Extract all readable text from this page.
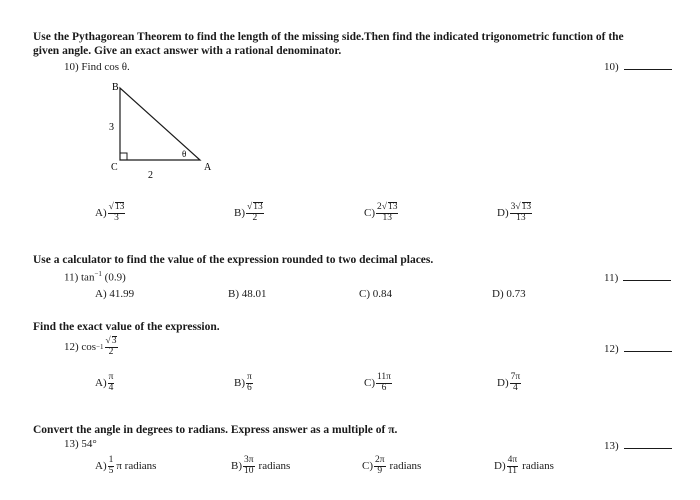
Use the Pythagorean Theorem to find the length of the missing side.Then find the indicated trigonometric function of the
given angle. Give an exact answer with a rational denominator.
10) Find cos θ.	10)
B
C	A
3
2
θ
$A) \frac{√13}{3}$	$B) \frac{√13}{2}$	$C) \frac{2√13}{13}$	$D) \frac{3√13}{13}$
Use a calculator to find the value of the expression rounded to two decimal places.
11) $\tan^{-1} (0.9)$	11)
A) 41.99	B) 48.01	C) 0.84	D) 0.73
Find the exact value of the expression.
12) $\cos -1 \frac{√3}{2}$	12)
$A) \frac{\pi}{4}$	$B) \frac{\pi}{6}$	$C) \frac{11\pi}{6}$	$D) \frac{7\pi}{4}$
Convert the angle in degrees to radians. Express answer as a multiple of π.
13) 54°	13)
$A) \frac{1}{5}$ π radians	$B) \frac{3\pi}{10}$ radians	$C) \frac{2\pi}{9}$ radians	$D) \frac{4\pi}{11}$ radians
